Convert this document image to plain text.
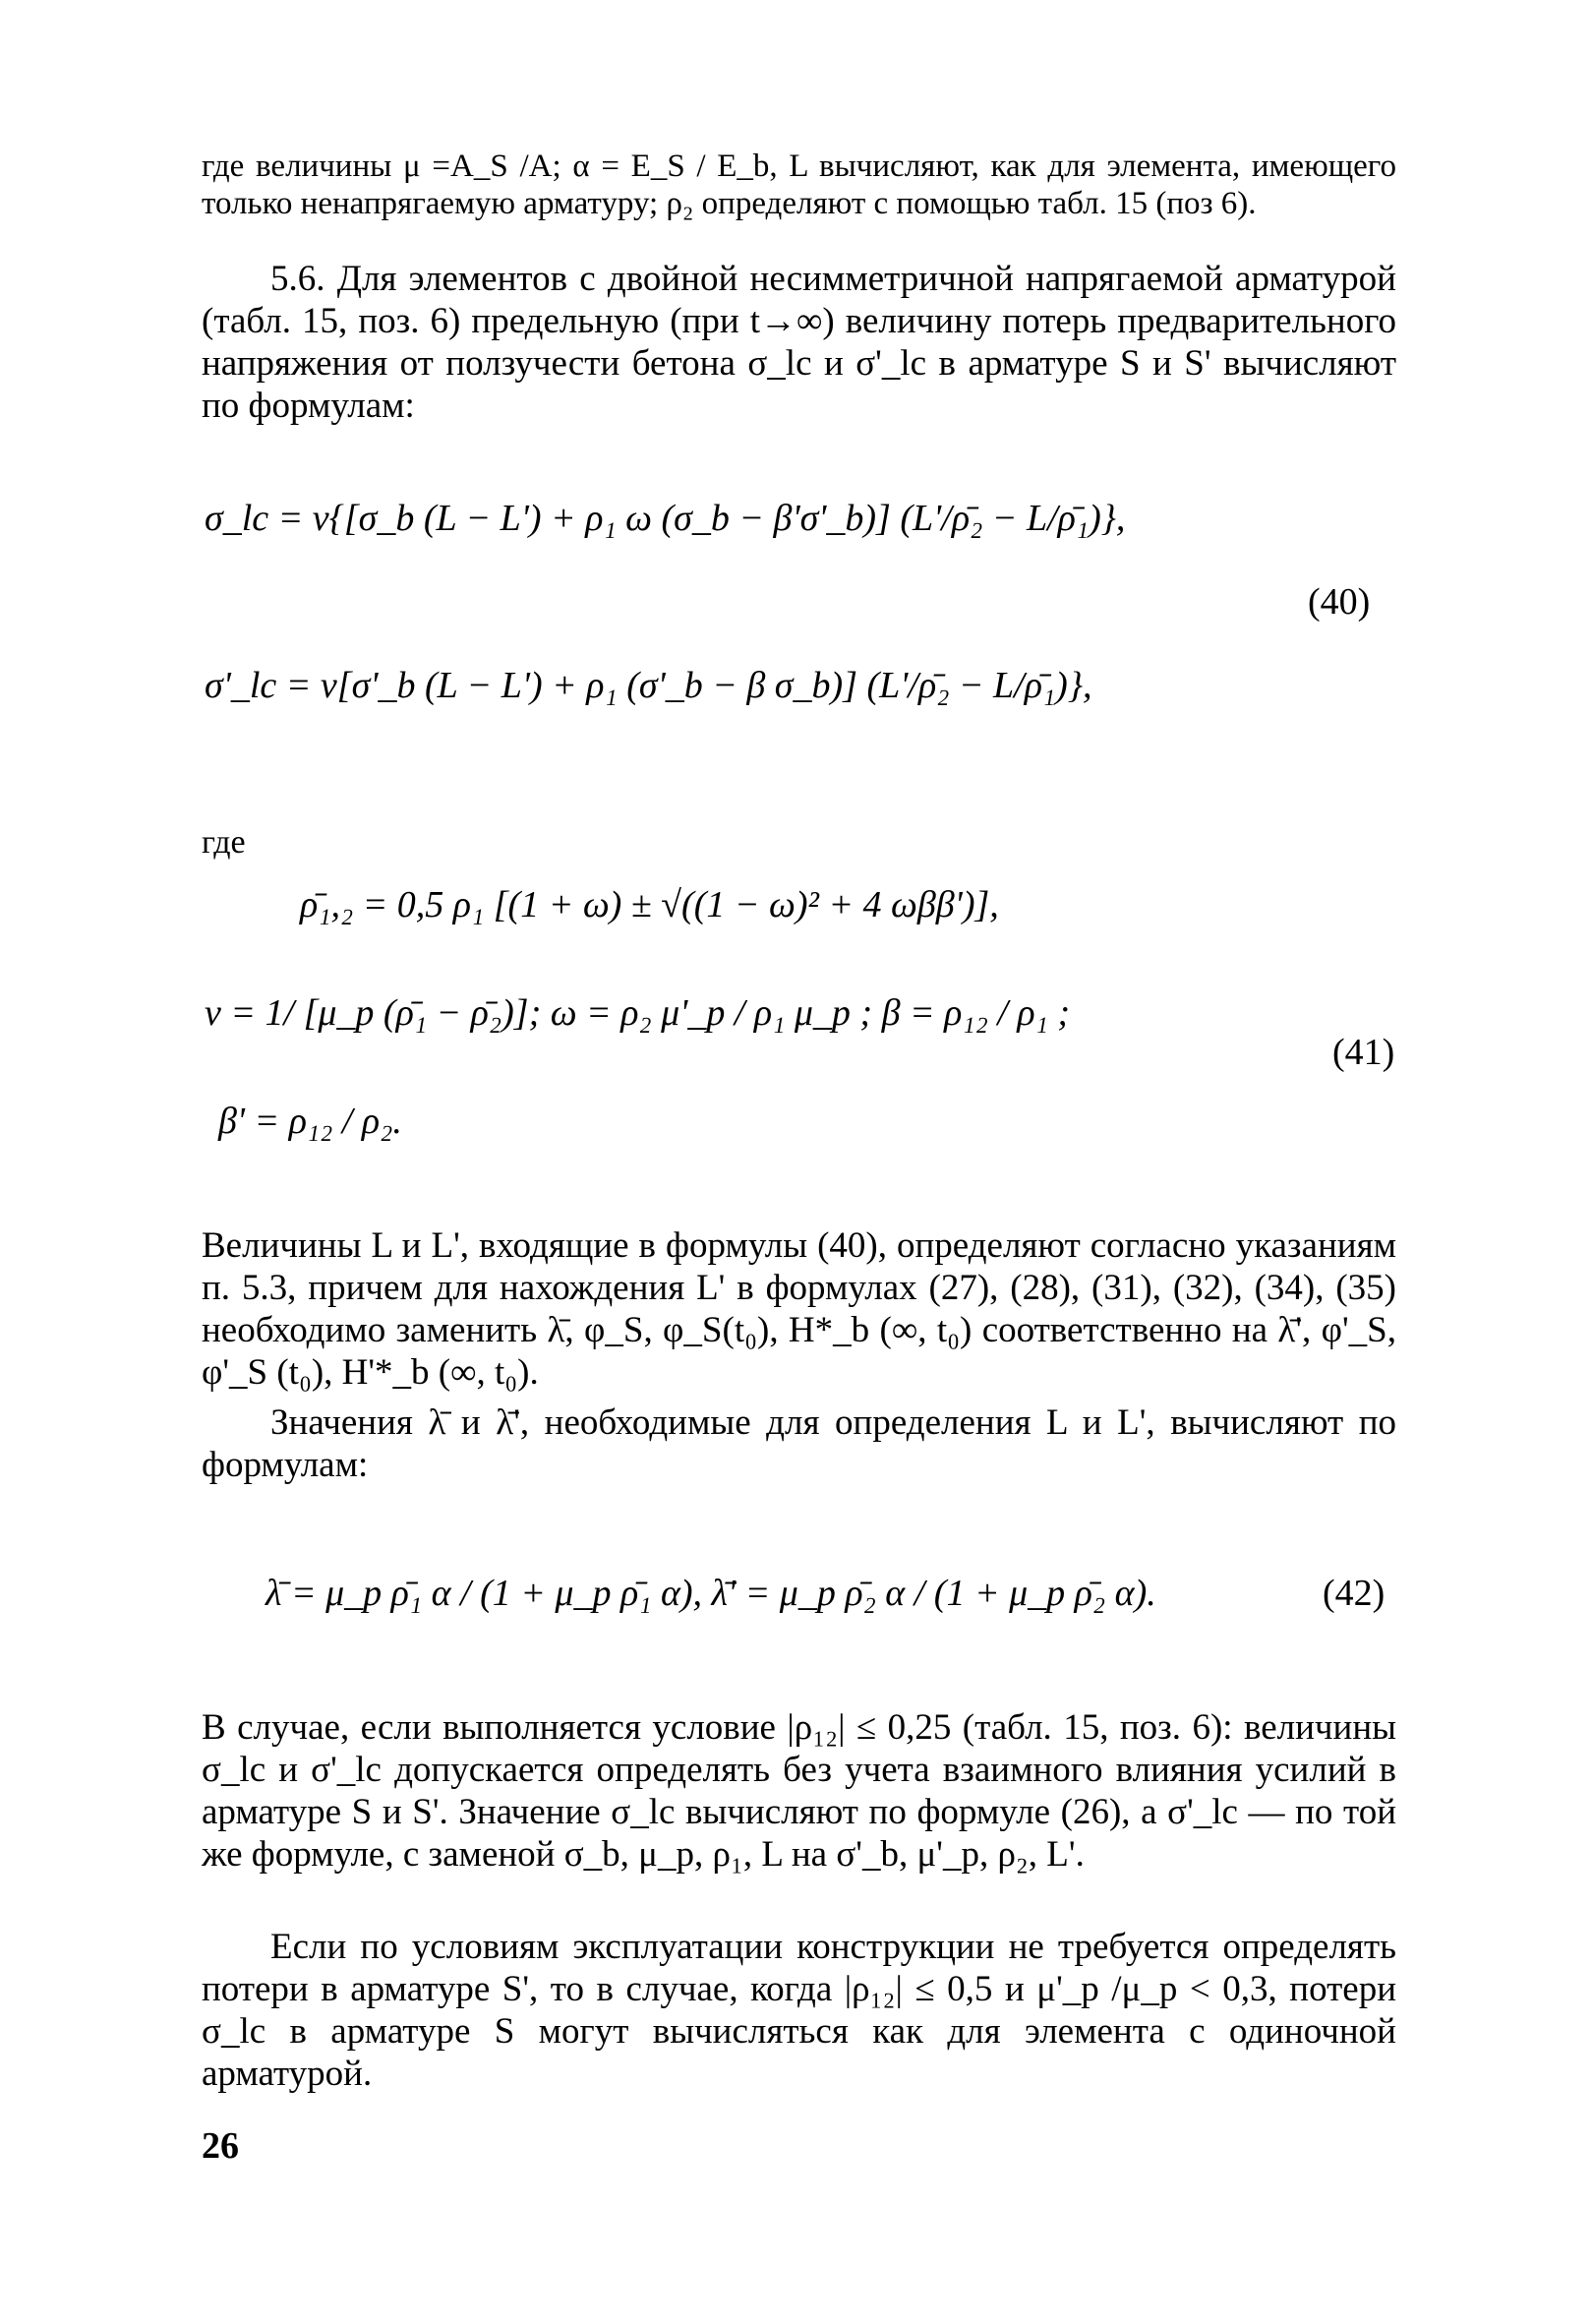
где величины μ =A_S /A; α = E_S / E_b, L вычисляют, как для элемента, имеющего только ненапрягаемую арматуру; ρ₂ определяют с помощью табл. 15 (поз 6).
5.6. Для элементов с двойной несимметричной напрягаемой арматурой (табл. 15, поз. 6) предельную (при t→∞) величину потерь предварительного напряжения от ползучести бетона σ_lc и σ'_lc в арматуре S и S' вычисляют по формулам:
σ_lc = v{[σ_b (L − L') + ρ₁ ω (σ_b − β'σ'_b)] (L'/ρ̄₂ − L/ρ̄₁)},
(40)
σ'_lc = v[σ'_b (L − L') + ρ₁ (σ'_b − β σ_b)] (L'/ρ̄₂ − L/ρ̄₁)},
где
ρ̄₁,₂ = 0,5 ρ₁ [(1 + ω) ± √((1 − ω)² + 4 ωββ')],
v = 1/ [μ_p (ρ̄₁ − ρ̄₂)]; ω = ρ₂ μ'_p / ρ₁ μ_p ; β = ρ₁₂ / ρ₁ ;
(41)
β' = ρ₁₂ / ρ₂.
Величины L и L', входящие в формулы (40), определяют согласно указаниям п. 5.3, причем для нахождения L' в формулах (27), (28), (31), (32), (34), (35) необходимо заменить λ̄, φ_S, φ_S(t₀), H*_b (∞, t₀) соответственно на λ̄', φ'_S, φ'_S (t₀), H'*_b (∞, t₀).
Значения λ̄ и λ̄', необходимые для определения L и L', вычисляют по формулам:
λ̄ = μ_p ρ̄₁ α / (1 + μ_p ρ̄₁ α), λ̄' = μ_p ρ̄₂ α / (1 + μ_p ρ̄₂ α).	(42)
В случае, если выполняется условие |ρ₁₂| ≤ 0,25 (табл. 15, поз. 6): величины σ_lc и σ'_lc допускается определять без учета взаимного влияния усилий в арматуре S и S'. Значение σ_lc вычисляют по формуле (26), а σ'_lc — по той же формуле, с заменой σ_b, μ_p, ρ₁, L на σ'_b, μ'_p, ρ₂, L'.
Если по условиям эксплуатации конструкции не требуется определять потери в арматуре S', то в случае, когда |ρ₁₂| ≤ 0,5 и μ'_p /μ_p < 0,3, потери σ_lc в арматуре S могут вычисляться как для элемента с одиночной арматурой.
26
